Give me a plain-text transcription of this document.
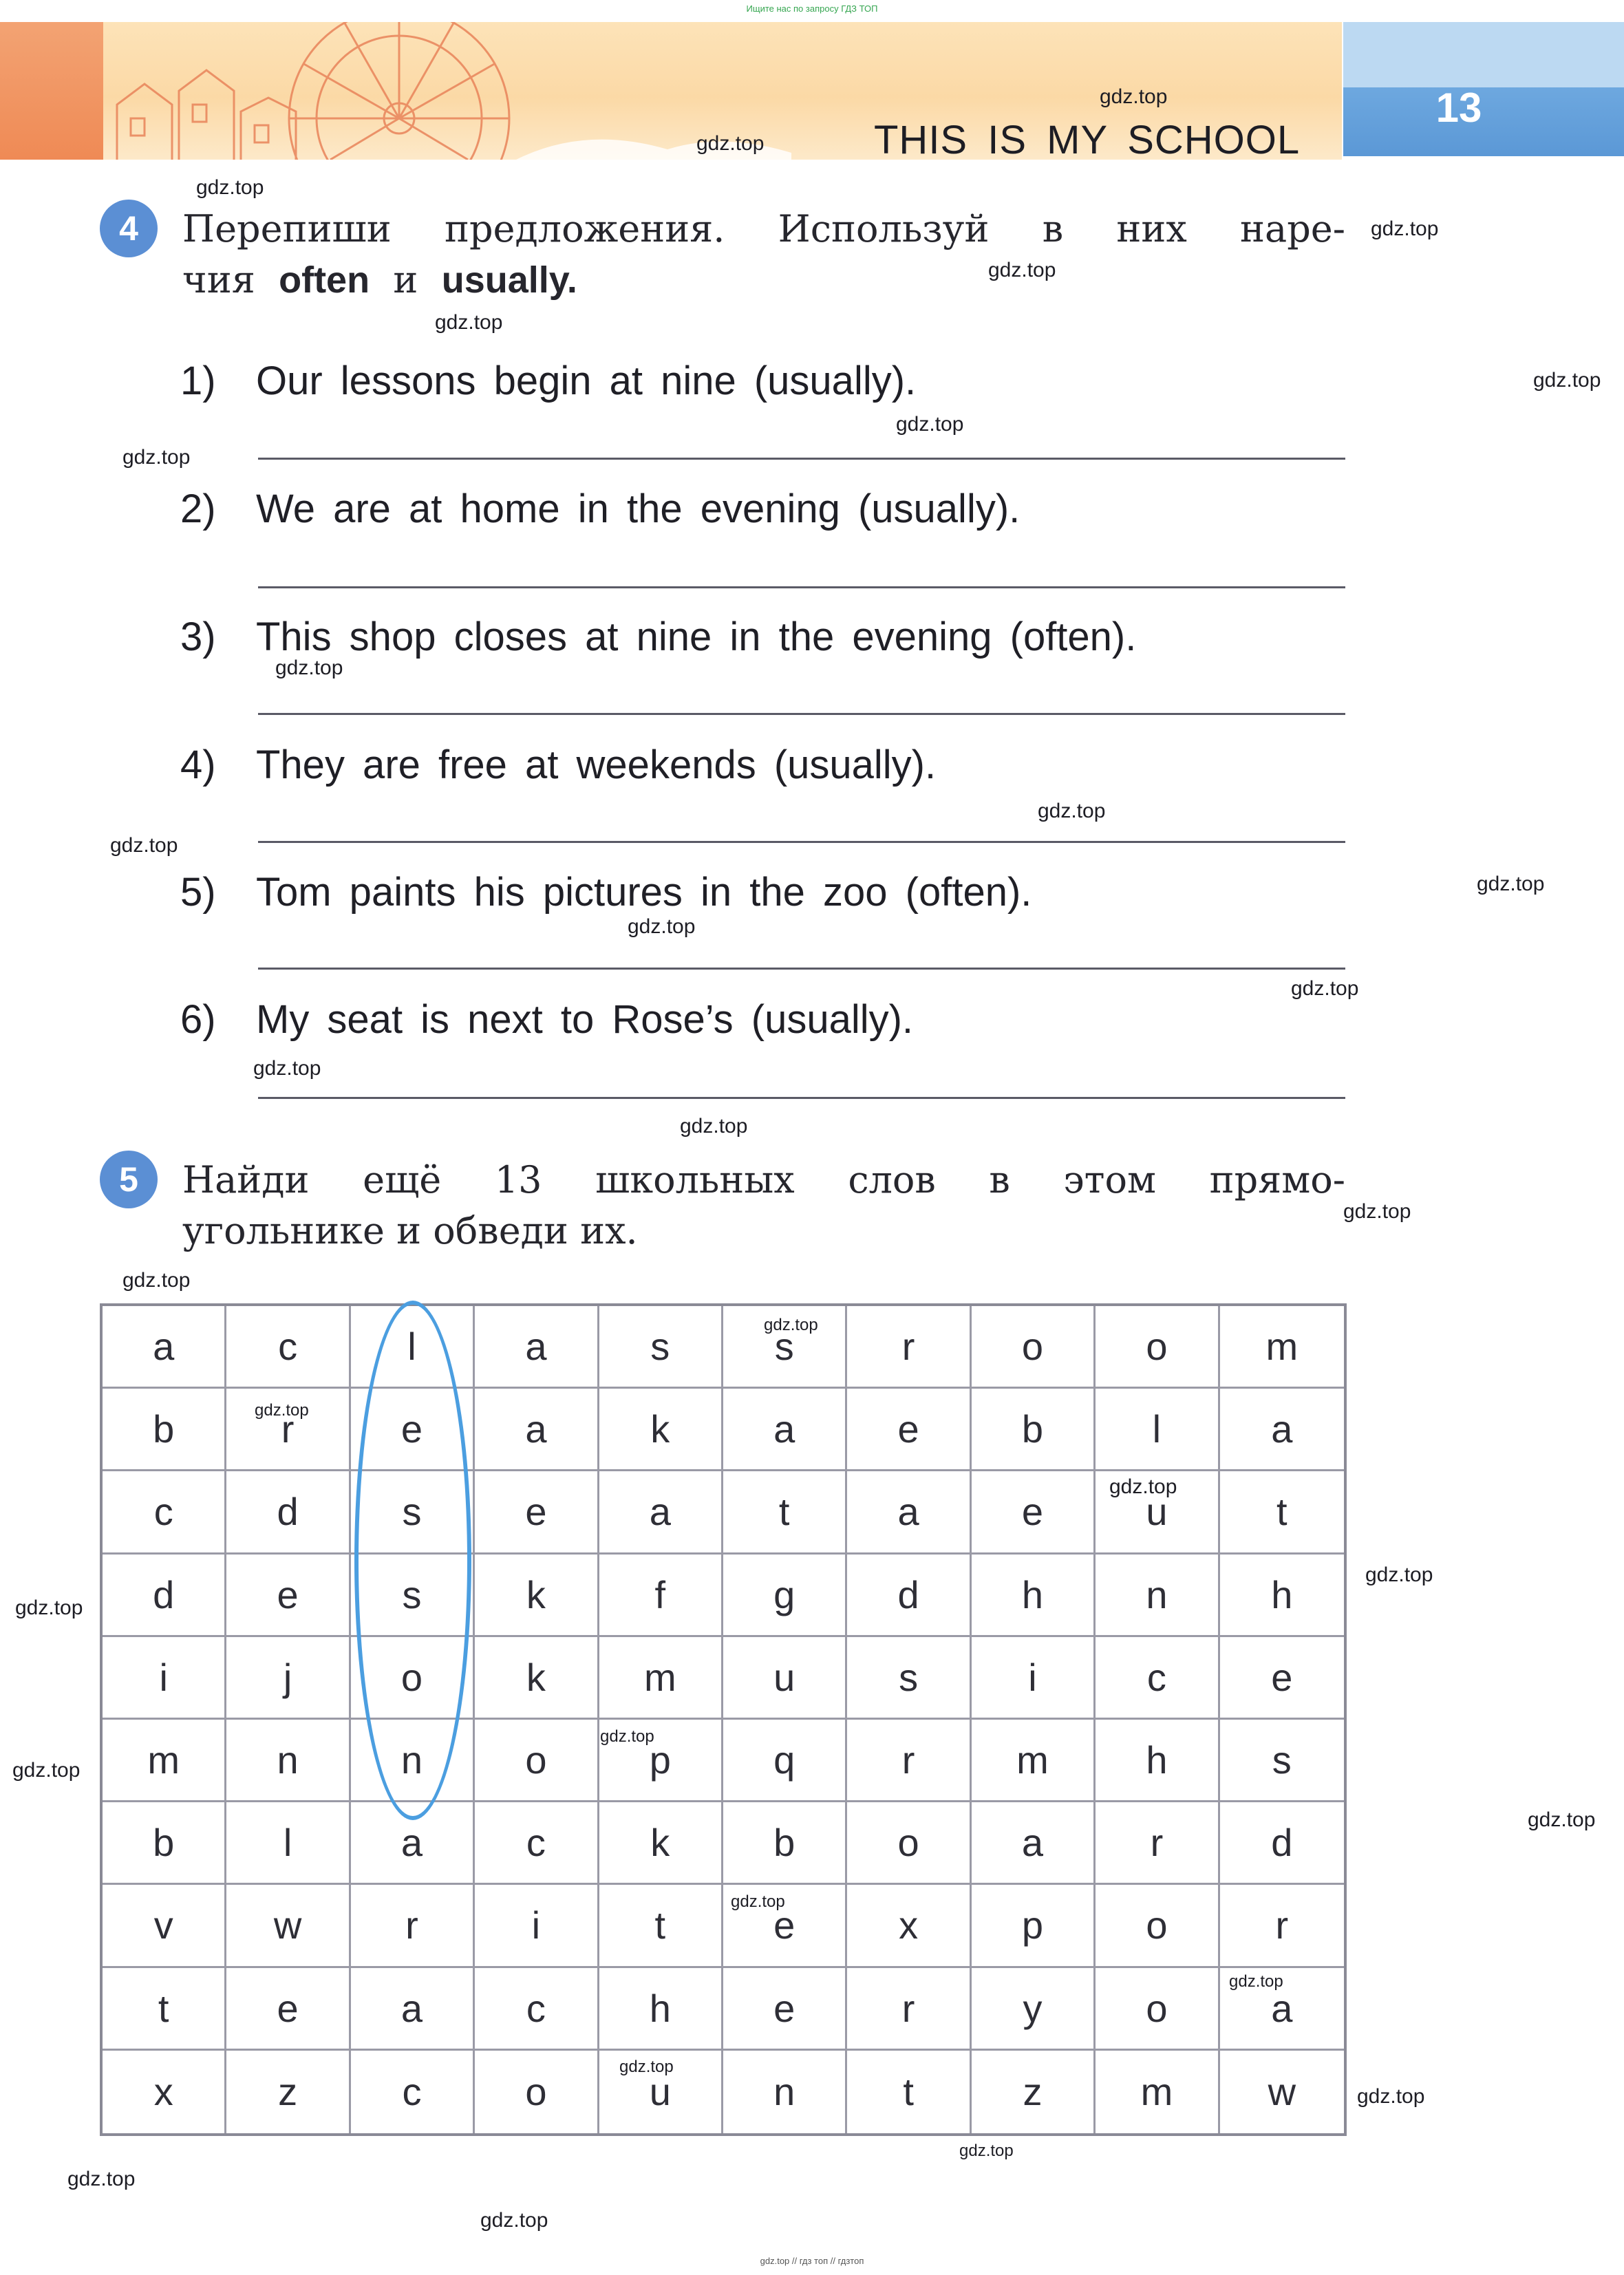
Ищите нас по запросу ГДЗ ТОП
13
THIS IS MY SCHOOL
4	Перепиши предложения. Используй в них наре-
чия often и usually.
1) Our lessons begin at nine (usually).
2) We are at home in the evening (usually).
3) This shop closes at nine in the evening (often).
4) They are free at weekends (usually).
5) Tom paints his pictures in the zoo (often).
6) My seat is next to Rose’s (usually).
5	Найди ещё 13 школьных слов в этом прямо-
угольнике и обведи их.
a	c	l	a	s	s	r	o	o	m
b	r	e	a	k	a	e	b	l	a
c	d	s	e	a	t	a	e	u	t
d	e	s	k	f	g	d	h	n	h
i	j	o	k	m	u	s	i	c	e
m	n	n	o	p	q	r	m	h	s
b	l	a	c	k	b	o	a	r	d
v	w	r	i	t	e	x	p	o	r
t	e	a	c	h	e	r	y	o	a
x	z	c	o	u	n	t	z	m	w
gdz.top
gdz.top
gdz.top
gdz.top
gdz.top
gdz.top
gdz.top
gdz.top
gdz.top
gdz.top
gdz.top
gdz.top
gdz.top
gdz.top
gdz.top
gdz.top
gdz.top
gdz.top
gdz.top
gdz.top
gdz.top
gdz.top
gdz.top
gdz.top
gdz.top
gdz.top
gdz.top
gdz.top
gdz.top
gdz.top
gdz.top
gdz.top
gdz.top
gdz.top
gdz.top // гдз топ // гдзтоп
